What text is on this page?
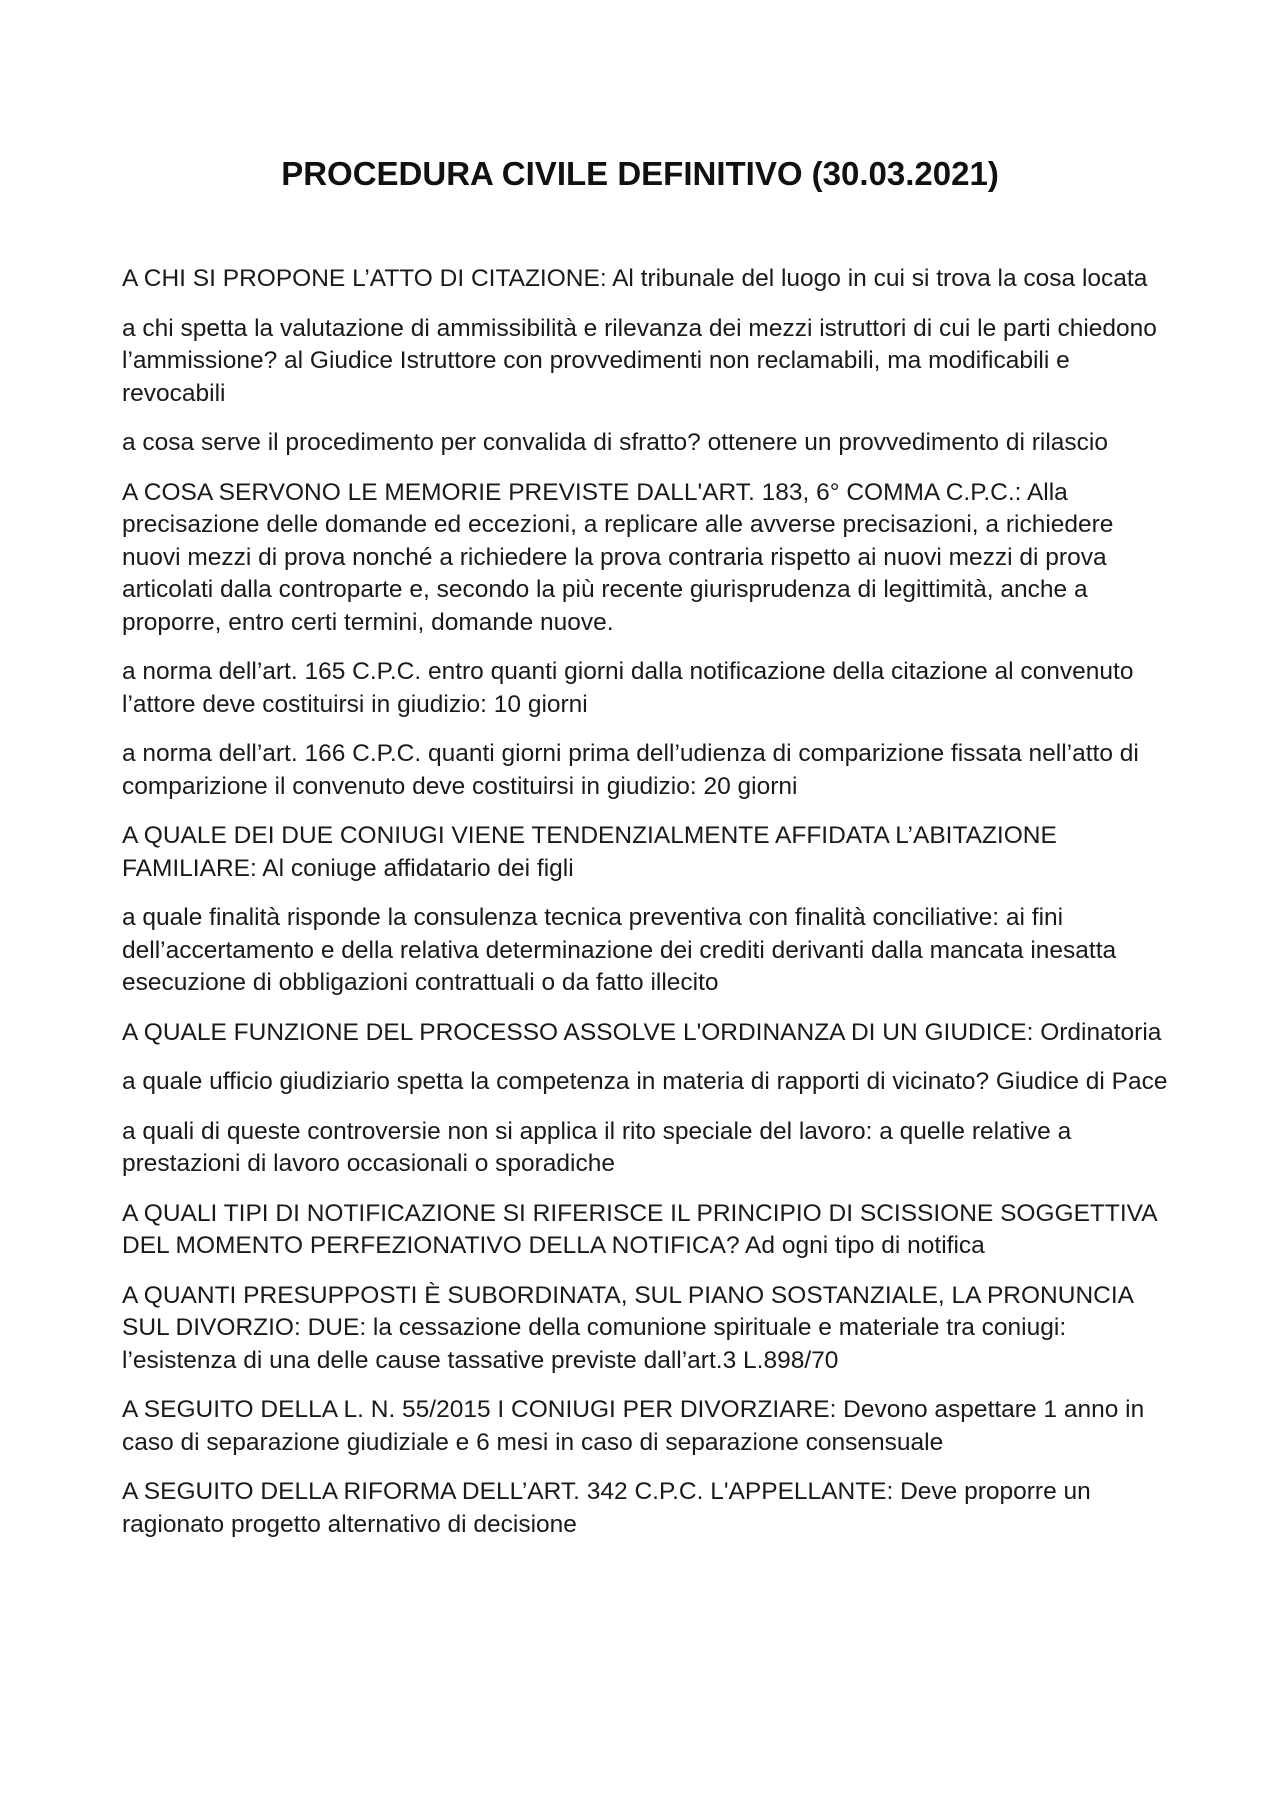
PROCEDURA CIVILE DEFINITIVO (30.03.2021)

A CHI SI PROPONE L’ATTO DI CITAZIONE: Al tribunale del luogo in cui si trova la cosa locata

a chi spetta la valutazione di ammissibilità e rilevanza dei mezzi istruttori di cui le parti chiedono l’ammissione? al Giudice Istruttore con provvedimenti non reclamabili, ma modificabili e revocabili

a cosa serve il procedimento per convalida di sfratto? ottenere un provvedimento di rilascio

A COSA SERVONO LE MEMORIE PREVISTE DALL'ART. 183, 6° COMMA C.P.C.: Alla precisazione delle domande ed eccezioni, a replicare alle avverse precisazioni, a richiedere nuovi mezzi di prova nonché a richiedere la prova contraria rispetto ai nuovi mezzi di prova articolati dalla controparte e, secondo la più recente giurisprudenza di legittimità, anche a proporre, entro certi termini, domande nuove.

a norma dell’art. 165 C.P.C. entro quanti giorni dalla notificazione della citazione al convenuto l’attore deve costituirsi in giudizio: 10 giorni

a norma dell’art. 166 C.P.C. quanti giorni prima dell’udienza di comparizione fissata nell’atto di comparizione il convenuto deve costituirsi in giudizio: 20 giorni

A QUALE DEI DUE CONIUGI VIENE TENDENZIALMENTE AFFIDATA L’ABITAZIONE FAMILIARE: Al coniuge affidatario dei figli

a quale finalità risponde la consulenza tecnica preventiva con finalità conciliative: ai fini dell’accertamento e della relativa determinazione dei crediti derivanti dalla mancata inesatta esecuzione di obbligazioni contrattuali o da fatto illecito

A QUALE FUNZIONE DEL PROCESSO ASSOLVE L'ORDINANZA DI UN GIUDICE: Ordinatoria

a quale ufficio giudiziario spetta la competenza in materia di rapporti di vicinato? Giudice di Pace

a quali di queste controversie non si applica il rito speciale del lavoro: a quelle relative a prestazioni di lavoro occasionali o sporadiche

A QUALI TIPI DI NOTIFICAZIONE SI RIFERISCE IL PRINCIPIO DI SCISSIONE SOGGETTIVA DEL MOMENTO PERFEZIONATIVO DELLA NOTIFICA? Ad ogni tipo di notifica

A QUANTI PRESUPPOSTI È SUBORDINATA, SUL PIANO SOSTANZIALE, LA PRONUNCIA SUL DIVORZIO: DUE: la cessazione della comunione spirituale e materiale tra coniugi: l’esistenza di una delle cause tassative previste dall’art.3 L.898/70

A SEGUITO DELLA L. N. 55/2015 I CONIUGI PER DIVORZIARE: Devono aspettare 1 anno in caso di separazione giudiziale e 6 mesi in caso di separazione consensuale

A SEGUITO DELLA RIFORMA DELL’ART. 342 C.P.C. L'APPELLANTE: Deve proporre un ragionato progetto alternativo di decisione
